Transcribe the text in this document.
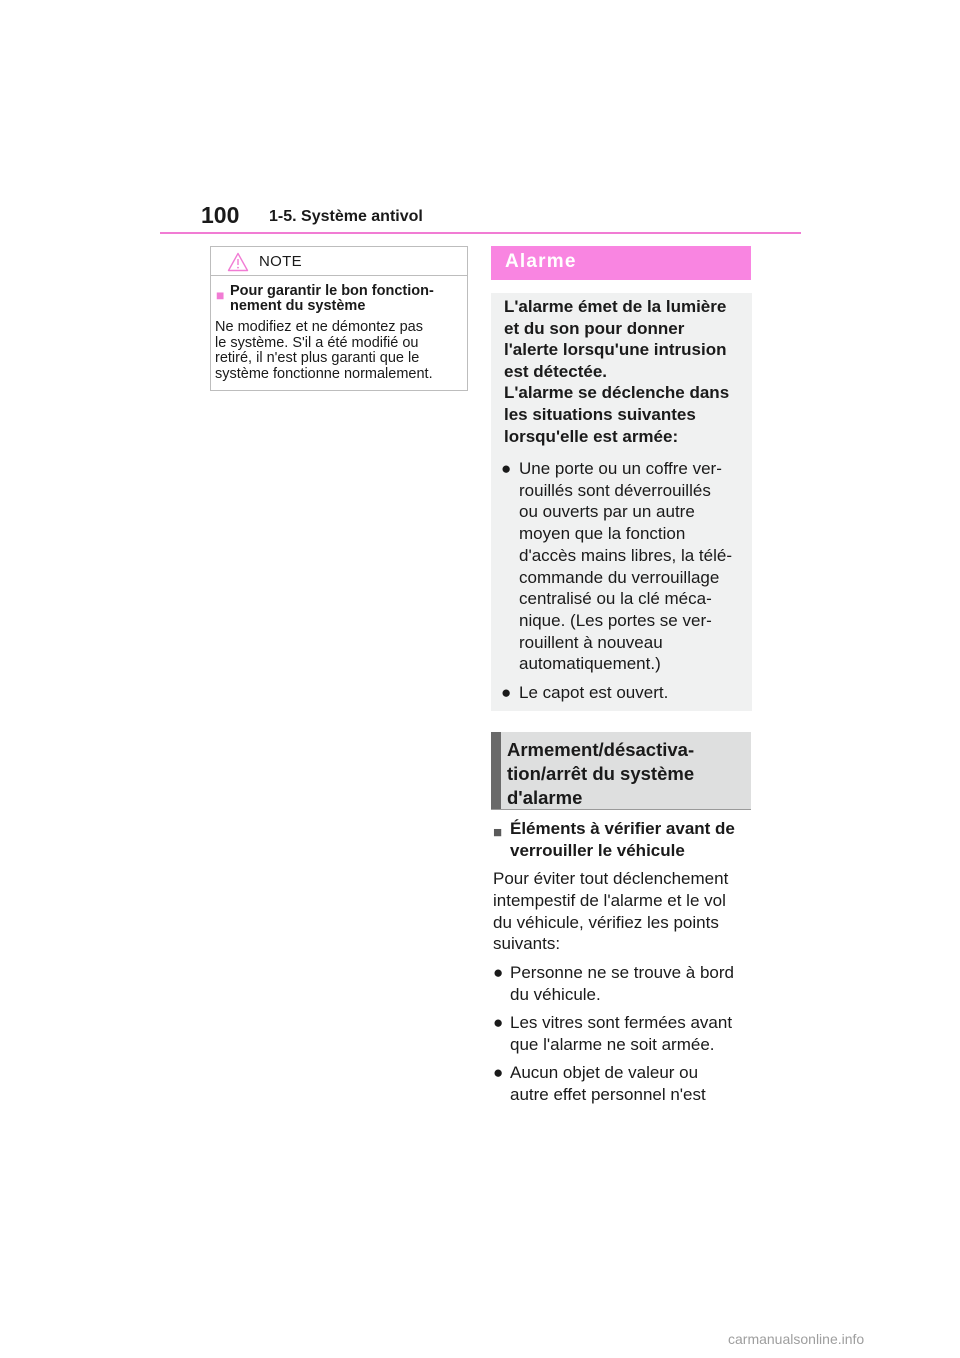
100 1-5. Système antivol
NOTE
■ Pour garantir le bon fonction-
nement du système
Ne modifiez et ne démontez pas
le système. S'il a été modifié ou
retiré, il n'est plus garanti que le
système fonctionne normalement.
Alarme
L'alarme émet de la lumière
et du son pour donner
l'alerte lorsqu'une intrusion
est détectée.
L'alarme se déclenche dans
les situations suivantes
lorsqu'elle est armée:
● Une porte ou un coffre ver-
rouillés sont déverrouillés
ou ouverts par un autre
moyen que la fonction
d'accès mains libres, la télé-
commande du verrouillage
centralisé ou la clé méca-
nique. (Les portes se ver-
rouillent à nouveau
automatiquement.)
● Le capot est ouvert.
Armement/désactiva-
tion/arrêt du système
d'alarme
■ Éléments à vérifier avant de
verrouiller le véhicule
Pour éviter tout déclenchement
intempestif de l'alarme et le vol
du véhicule, vérifiez les points
suivants:
● Personne ne se trouve à bord
du véhicule.
● Les vitres sont fermées avant
que l'alarme ne soit armée.
● Aucun objet de valeur ou
autre effet personnel n'est
carmanualsonline.info
